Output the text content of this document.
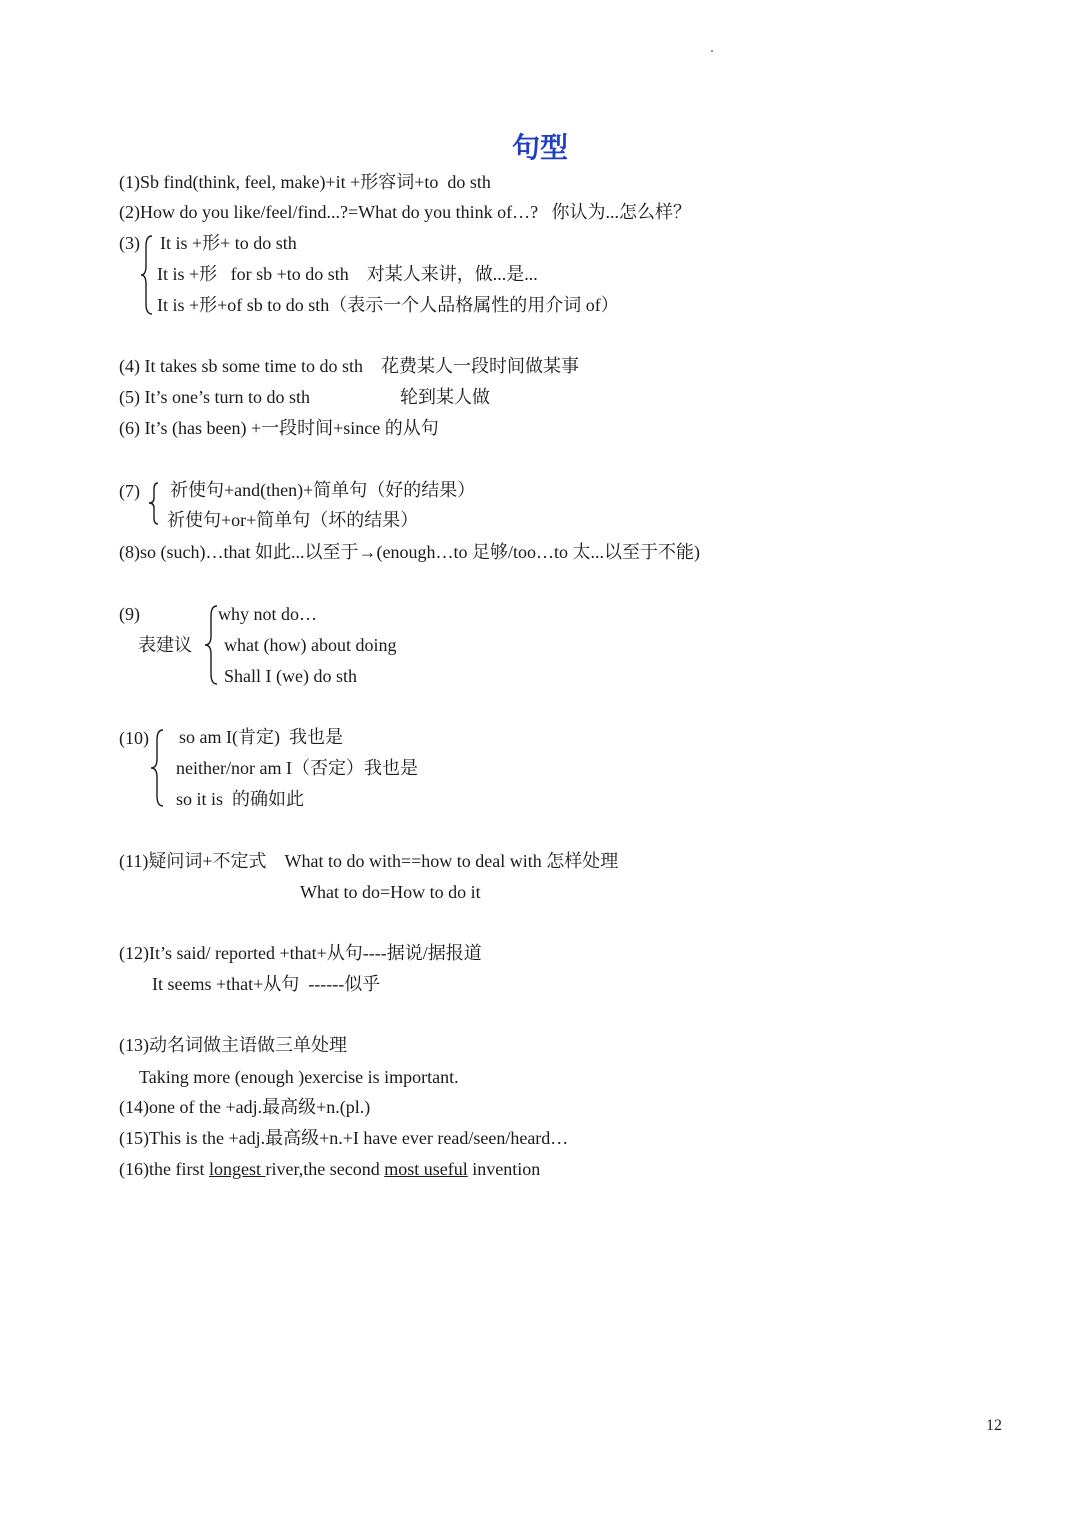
句型
(1)Sb find(think, feel, make)+it +形容词+to  do sth
(2)How do you like/feel/find...?=What do you think of…?   你认为...怎么样？
(3) It is +形+ to do sth
It is +形   for sb +to do sth    对某人来讲，做...是...
It is +形+of sb to do sth（表示一个人品格属性的用介词 of）
(4) It takes sb some time to do sth    花费某人一段时间做某事
(5) It’s one’s turn to do sth	轮到某人做
(6) It’s (has been) +一段时间+since 的从句
(7) 祈使句+and(then)+简单句（好的结果）
祈使句+or+简单句（坏的结果）
(8)so (such)…that 如此...以至于→(enough…to 足够/too…to 太...以至于不能)
(9)
表建议
why not do…
what (how) about doing
Shall I (we) do sth
(10) so am I(肯定)  我也是
neither/nor am I（否定）我也是
so it is  的确如此
(11)疑问词+不定式    What to do with==how to deal with 怎样处理
What to do=How to do it
(12)It’s said/ reported +that+从句----据说/据报道
It seems +that+从句  ------似乎
(13)动名词做主语做三单处理
Taking more (enough )exercise is important.
(14)one of the +adj.最高级+n.(pl.)
(15)This is the +adj.最高级+n.+I have ever read/seen/heard…
(16)the first longest river,the second most useful invention
12
